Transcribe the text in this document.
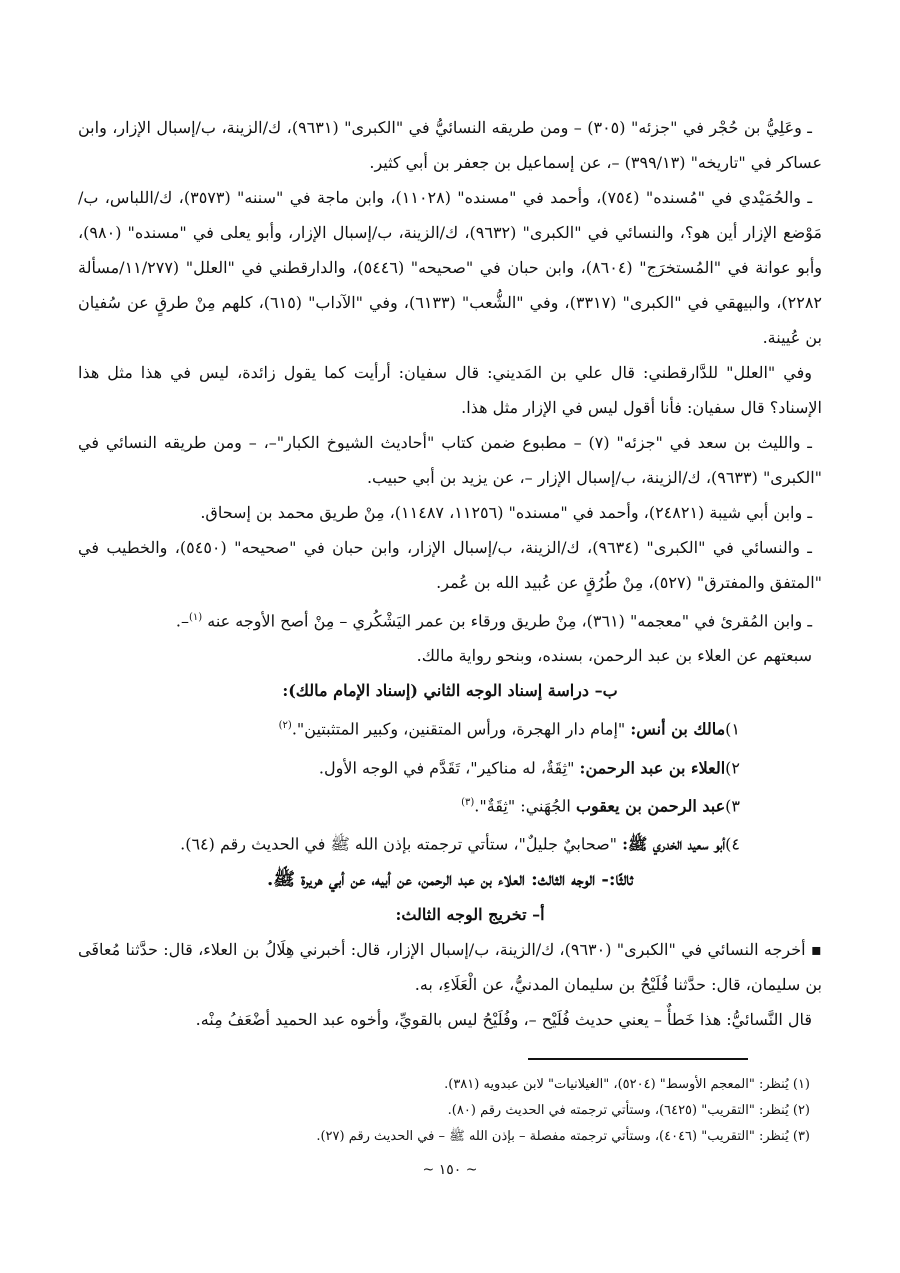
ـ وعَلِيُّ بن حُجْر في "جزئه" (٣٠٥) – ومن طريقه النسائيُّ في "الكبرى" (٩٦٣١)، ك/الزينة، ب/إسبال الإزار، وابن عساكر في "تاريخه" (٣٩٩/١٣) –، عن إسماعيل بن جعفر بن أبي كثير.

ـ والحُمَيْدي في "مُسنده" (٧٥٤)، وأحمد في "مسنده" (١١٠٢٨)، وابن ماجة في "سننه" (٣٥٧٣)، ك/اللباس، ب/مَوْضع الإزار أين هو؟، والنسائي في "الكبرى" (٩٦٣٢)، ك/الزينة، ب/إسبال الإزار، وأبو يعلى في "مسنده" (٩٨٠)، وأبو عوانة في "المُستخرَج" (٨٦٠٤)، وابن حبان في "صحيحه" (٥٤٤٦)، والدارقطني في "العلل" (١١/٢٧٧/مسألة ٢٢٨٢)، والبيهقي في "الكبرى" (٣٣١٧)، وفي "الشُّعب" (٦١٣٣)، وفي "الآداب" (٦١٥)، كلهم مِنْ طرقٍ عن سُفيان بن عُيينة.

وفي "العلل" للدَّارقطني: قال علي بن المَديني: قال سفيان: أرأيت كما يقول زائدة، ليس في هذا مثل هذا الإسناد؟ قال سفيان: فأنا أقول ليس في الإزار مثل هذا.

ـ والليث بن سعد في "جزئه" (٧) – مطبوع ضمن كتاب "أحاديث الشيوخ الكبار"–، – ومن طريقه النسائي في "الكبرى" (٩٦٣٣)، ك/الزينة، ب/إسبال الإزار –، عن يزيد بن أبي حبيب.

ـ وابن أبي شيبة (٢٤٨٢١)، وأحمد في "مسنده" (١١٢٥٦، ١١٤٨٧)، مِنْ طريق محمد بن إسحاق.

ـ والنسائي في "الكبرى" (٩٦٣٤)، ك/الزينة، ب/إسبال الإزار، وابن حبان في "صحيحه" (٥٤٥٠)، والخطيب في "المتفق والمفترق" (٥٢٧)، مِنْ طُرُقٍ عن عُبيد الله بن عُمر.

ـ وابن المُقرئ في "معجمه" (٣٦١)، مِنْ طريق ورقاء بن عمر اليَشْكُري – مِنْ أصح الأوجه عنه $^{(١)}$–.

سبعتهم عن العلاء بن عبد الرحمن، بسنده، وبنحو رواية مالك.

ب– دراسة إسناد الوجه الثاني (إسناد الإمام مالك):

١)مالك بن أنس: "إمام دار الهجرة، ورأس المتقنين، وكبير المتثبتين".$^{(٢)}$

٢)العلاء بن عبد الرحمن: "ثِقَةٌ، له مناكير"، تَقَدَّم في الوجه الأول.

٣)عبد الرحمن بن يعقوب الجُهَني: "ثِقَةٌ".$^{(٣)}$

٤)أبو سعيد الخدري ﷺ: "صحابيٌ جليلٌ"، ستأتي ترجمته بإذن الله ﷺ في الحديث رقم (٦٤).

ثالثًا:- الوجه الثالث: العلاء بن عبد الرحمن، عن أبيه، عن أبي هريرة ﷺ.

أ– تخريج الوجه الثالث:

▪ أخرجه النسائي في "الكبرى" (٩٦٣٠)، ك/الزينة، ب/إسبال الإزار، قال: أخبرني هِلَالُ بن العلاء، قال: حدَّثنا مُعافَى بن سليمان، قال: حدَّثنا فُلَيْحُ بن سليمان المدنيُّ، عن الْعَلَاءِ، به.

قال النَّسائيُّ: هذا خَطأٌ – يعني حديث فُلَيْح –، وفُلَيْحُ ليس بالقويِّ، وأخوه عبد الحميد أضْعَفُ مِنْه.

(١) يُنظر: "المعجم الأوسط" (٥٢٠٤)، "الغيلانيات" لابن عبدويه (٣٨١).

(٢) يُنظر: "التقريب" (٦٤٢٥)، وستأتي ترجمته في الحديث رقم (٨٠).

(٣) يُنظر: "التقريب" (٤٠٤٦)، وستأتي ترجمته مفصلة – بإذن الله ﷺ – في الحديث رقم (٢٧).

~ ١٥٠ ~
